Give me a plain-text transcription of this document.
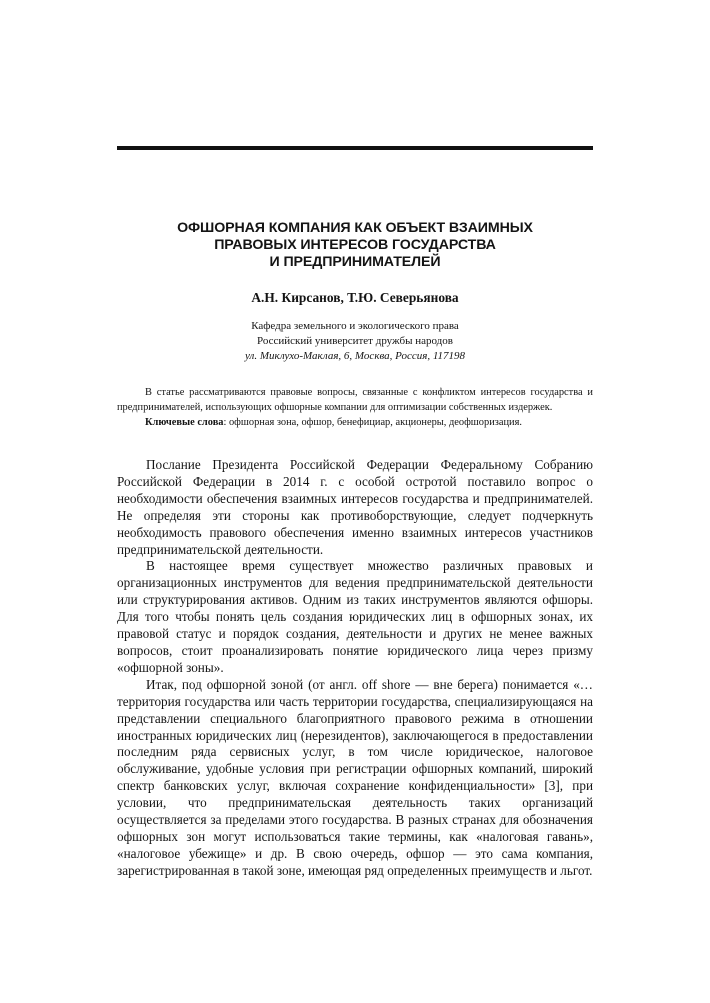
ОФШОРНАЯ КОМПАНИЯ КАК ОБЪЕКТ ВЗАИМНЫХ
ПРАВОВЫХ ИНТЕРЕСОВ ГОСУДАРСТВА
И ПРЕДПРИНИМАТЕЛЕЙ
А.Н. Кирсанов, Т.Ю. Северьянова
Кафедра земельного и экологического права
Российский университет дружбы народов
ул. Миклухо-Маклая, 6, Москва, Россия, 117198

В статье рассматриваются правовые вопросы, связанные с конфликтом интересов государства и предпринимателей, использующих офшорные компании для оптимизации собственных издержек.

Ключевые слова: офшорная зона, офшор, бенефициар, акционеры, деофшоризация.

Послание Президента Российской Федерации Федеральному Собранию Российской Федерации в 2014 г. с особой остротой поставило вопрос о необходимости обеспечения взаимных интересов государства и предпринимателей. Не определяя эти стороны как противоборствующие, следует подчеркнуть необходимость правового обеспечения именно взаимных интересов участников предпринимательской деятельности.

В настоящее время существует множество различных правовых и организационных инструментов для ведения предпринимательской деятельности или структурирования активов. Одним из таких инструментов являются офшоры. Для того чтобы понять цель создания юридических лиц в офшорных зонах, их правовой статус и порядок создания, деятельности и других не менее важных вопросов, стоит проанализировать понятие юридического лица через призму «офшорной зоны».

Итак, под офшорной зоной (от англ. off shore — вне берега) понимается «…территория государства или часть территории государства, специализирующаяся на представлении специального благоприятного правового режима в отношении иностранных юридических лиц (нерезидентов), заключающегося в предоставлении последним ряда сервисных услуг, в том числе юридическое, налоговое обслуживание, удобные условия при регистрации офшорных компаний, широкий спектр банковских услуг, включая сохранение конфиденциальности» [3], при условии, что предпринимательская деятельность таких организаций осуществляется за пределами этого государства. В разных странах для обозначения офшорных зон могут использоваться такие термины, как «налоговая гавань», «налоговое убежище» и др. В свою очередь, офшор — это сама компания, зарегистрированная в такой зоне, имеющая ряд определенных преимуществ и льгот.
